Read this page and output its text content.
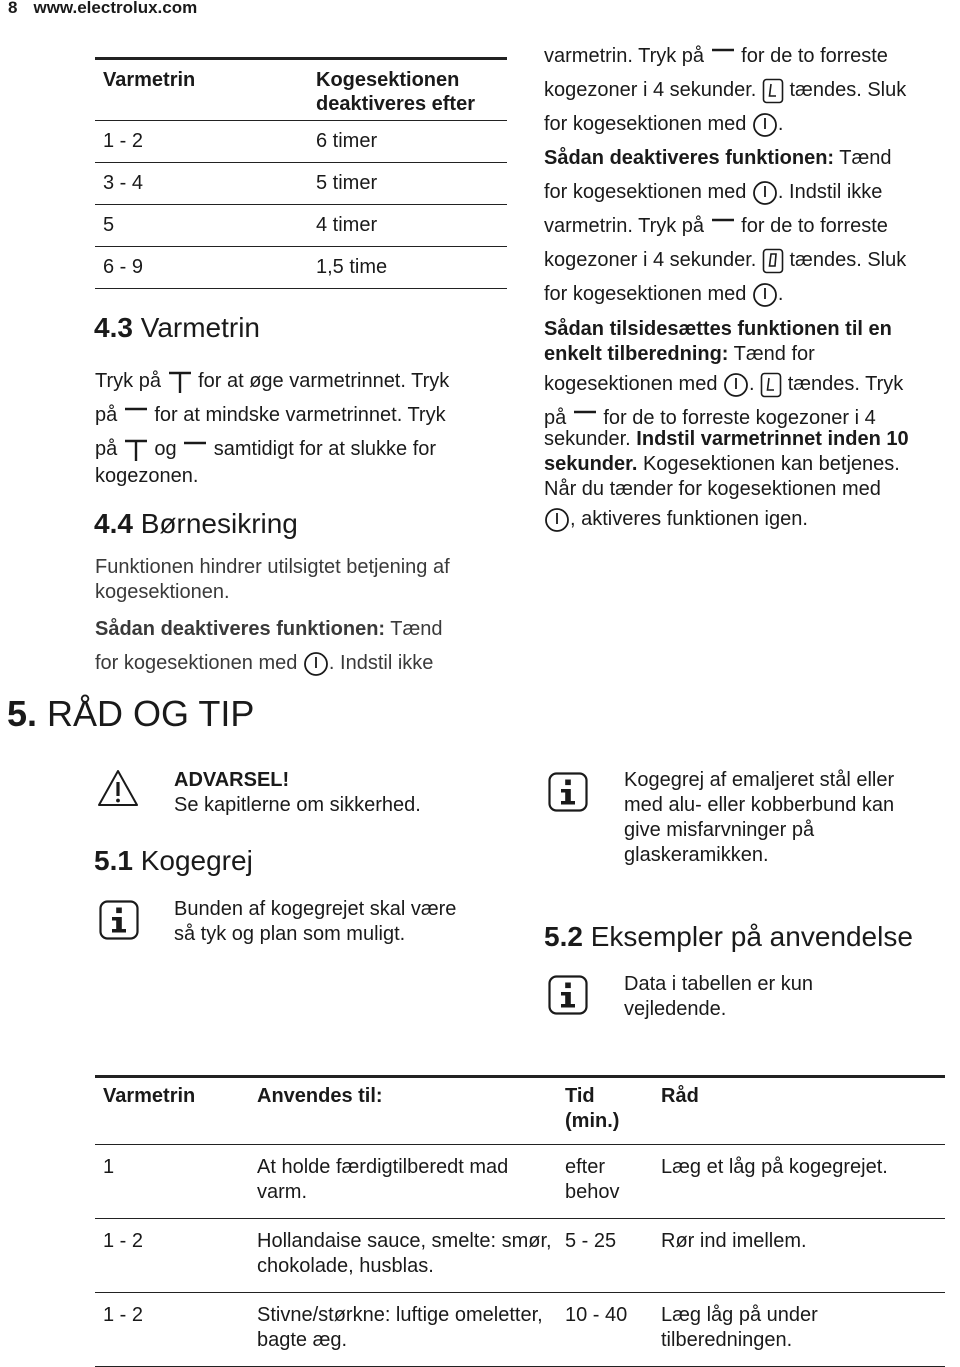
8 www.electrolux.com
Varmetrin	Kogesektionen deaktiveres efter
1 - 2	6 timer
3 - 4	5 timer
5	4 timer
6 - 9	1,5 time
4.3 Varmetrin

Tryk på for at øge varmetrinnet. Tryk

på for at mindske varmetrinnet. Tryk

på og samtidigt for at slukke for

kogezonen.

4.4 Børnesikring
Funktionen hindrer utilsigtet betjening af kogesektionen.

Sådan deaktiveres funktionen: Tænd

for kogesektionen med . Indstil ikke

varmetrin. Tryk på for de to forreste

kogezoner i 4 sekunder. tændes. Sluk

for kogesektionen med .

Sådan deaktiveres funktionen: Tænd

for kogesektionen med . Indstil ikke

varmetrin. Tryk på for de to forreste

kogezoner i 4 sekunder. tændes. Sluk

for kogesektionen med .

Sådan tilsidesættes funktionen til en enkelt tilberedning: Tænd for

kogesektionen med . tændes. Tryk

på for de to forreste kogezoner i 4

sekunder. Indstil varmetrinnet inden 10 sekunder. Kogesektionen kan betjenes.

Når du tænder for kogesektionen med

, aktiveres funktionen igen.

5. RÅD OG TIP
ADVARSEL!
Se kapitlerne om sikkerhed.
5.1 Kogegrej
Bunden af kogegrejet skal være så tyk og plan som muligt.
Kogegrej af emaljeret stål eller med alu- eller kobberbund kan give misfarvninger på glaskeramikken.
5.2 Eksempler på anvendelse
Data i tabellen er kun vejledende.
Varmetrin	Anvendes til:	Tid (min.)	Råd
1	At holde færdigtilberedt mad varm.	efter behov	Læg et låg på kogegrejet.
1 - 2	Hollandaise sauce, smelte: smør, chokolade, husblas.	5 - 25	Rør ind imellem.
1 - 2	Stivne/størkne: luftige omeletter, bagte æg.	10 - 40	Læg låg på under tilberedningen.
